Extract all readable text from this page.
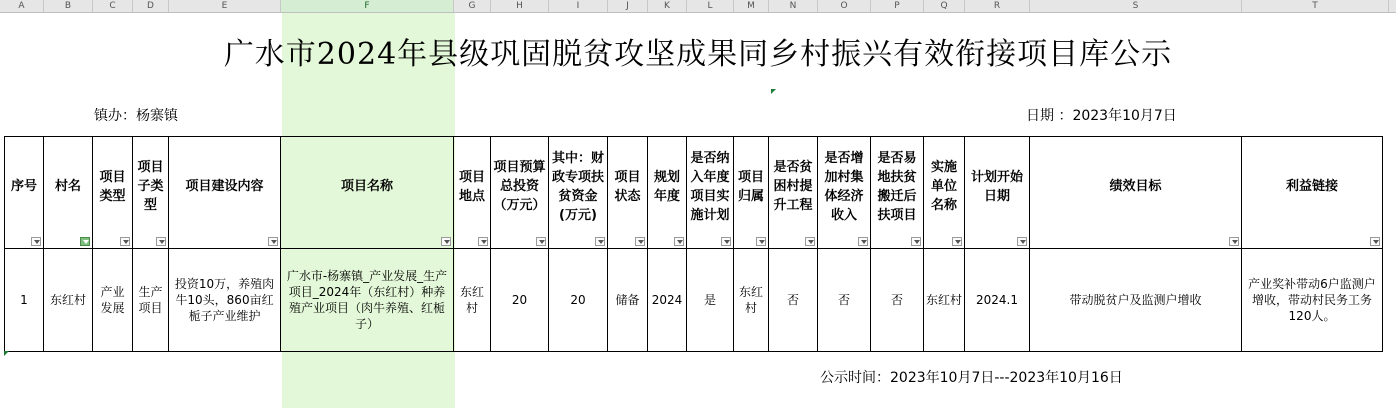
A	B	C	D	E	F	G	H	I	J	K	L	M	N	O	P	Q	R	S	T
广水市2024年县级巩固脱贫攻坚成果同乡村振兴有效衔接项目库公示
镇办：杨寨镇	日期 ：2023年10月7日
序号	村名	项目类型	项目子类型	项目建设内容	项目名称	项目地点	项目预算总投资（万元）	其中：财政专项扶贫资金(万元)	项目状态	规划年度	是否纳入年度项目实施计划	项目归属	是否贫困村提升工程	是否增加村集体经济收入	是否易地扶贫搬迁后扶项目	实施单位名称	计划开始日期	绩效目标	利益链接

1	东红村	产业发展	生产项目	投资10万，养殖肉牛10头，860亩红栀子产业维护	广水市-杨寨镇_产业发展_生产项目_2024年（东红村）种养殖产业项目（肉牛养殖、红栀子）	东红村	20	20	储备	2024	是	东红村	否	否	否	东红村	2024.1	带动脱贫户及监测户增收	产业奖补带动6户监测户增收，带动村民务工务120人。
公示时间：2023年10月7日---2023年10月16日
